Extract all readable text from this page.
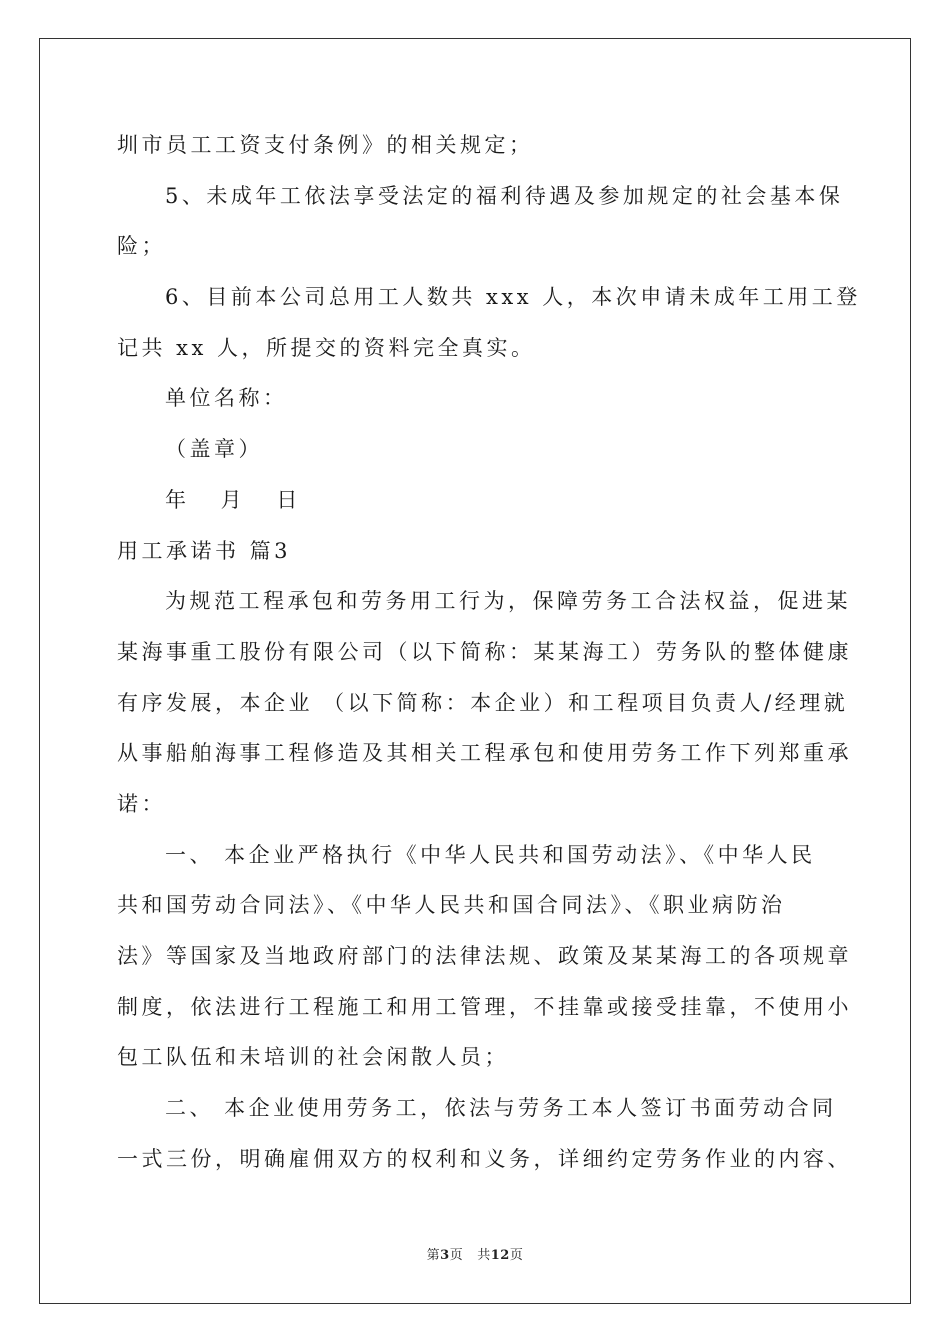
圳市员工工资支付条例》的相关规定；
5、未成年工依法享受法定的福利待遇及参加规定的社会基本保
险；
6、目前本公司总用工人数共 xxx 人，本次申请未成年工用工登
记共 xx 人，所提交的资料完全真实。
单位名称：
（盖章）
年 月 日
用工承诺书 篇3
为规范工程承包和劳务用工行为，保障劳务工合法权益，促进某
某海事重工股份有限公司（以下简称：某某海工）劳务队的整体健康
有序发展，本企业 （以下简称：本企业）和工程项目负责人/经理就
从事船舶海事工程修造及其相关工程承包和使用劳务工作下列郑重承
诺：
一、 本企业严格执行《中华人民共和国劳动法》、《中华人民
共和国劳动合同法》、《中华人民共和国合同法》、《职业病防治
法》等国家及当地政府部门的法律法规、政策及某某海工的各项规章
制度，依法进行工程施工和用工管理，不挂靠或接受挂靠，不使用小
包工队伍和未培训的社会闲散人员；
二、 本企业使用劳务工，依法与劳务工本人签订书面劳动合同
一式三份，明确雇佣双方的权利和义务，详细约定劳务作业的内容、
第3页 共12页
